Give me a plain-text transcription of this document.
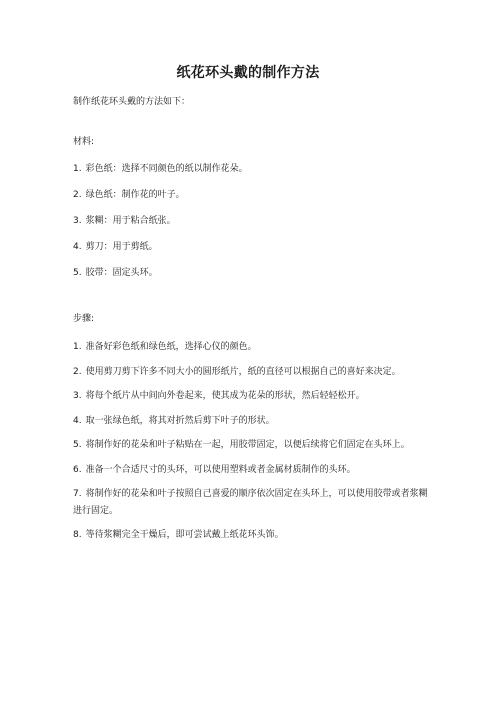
纸花环头戴的制作方法
制作纸花环头戴的方法如下：
材料:
1. 彩色纸：选择不同颜色的纸以制作花朵。
2. 绿色纸：制作花的叶子。
3. 浆糊：用于粘合纸张。
4. 剪刀：用于剪纸。
5. 胶带：固定头环。
步骤:
1. 准备好彩色纸和绿色纸，选择心仪的颜色。
2. 使用剪刀剪下许多不同大小的圆形纸片，纸的直径可以根据自己的喜好来决定。
3. 将每个纸片从中间向外卷起来，使其成为花朵的形状，然后轻轻松开。
4. 取一张绿色纸，将其对折然后剪下叶子的形状。
5. 将制作好的花朵和叶子粘贴在一起，用胶带固定，以便后续将它们固定在头环上。
6. 准备一个合适尺寸的头环，可以使用塑料或者金属材质制作的头环。
7. 将制作好的花朵和叶子按照自己喜爱的顺序依次固定在头环上，可以使用胶带或者浆糊进行固定。
8. 等待浆糊完全干燥后，即可尝试戴上纸花环头饰。
